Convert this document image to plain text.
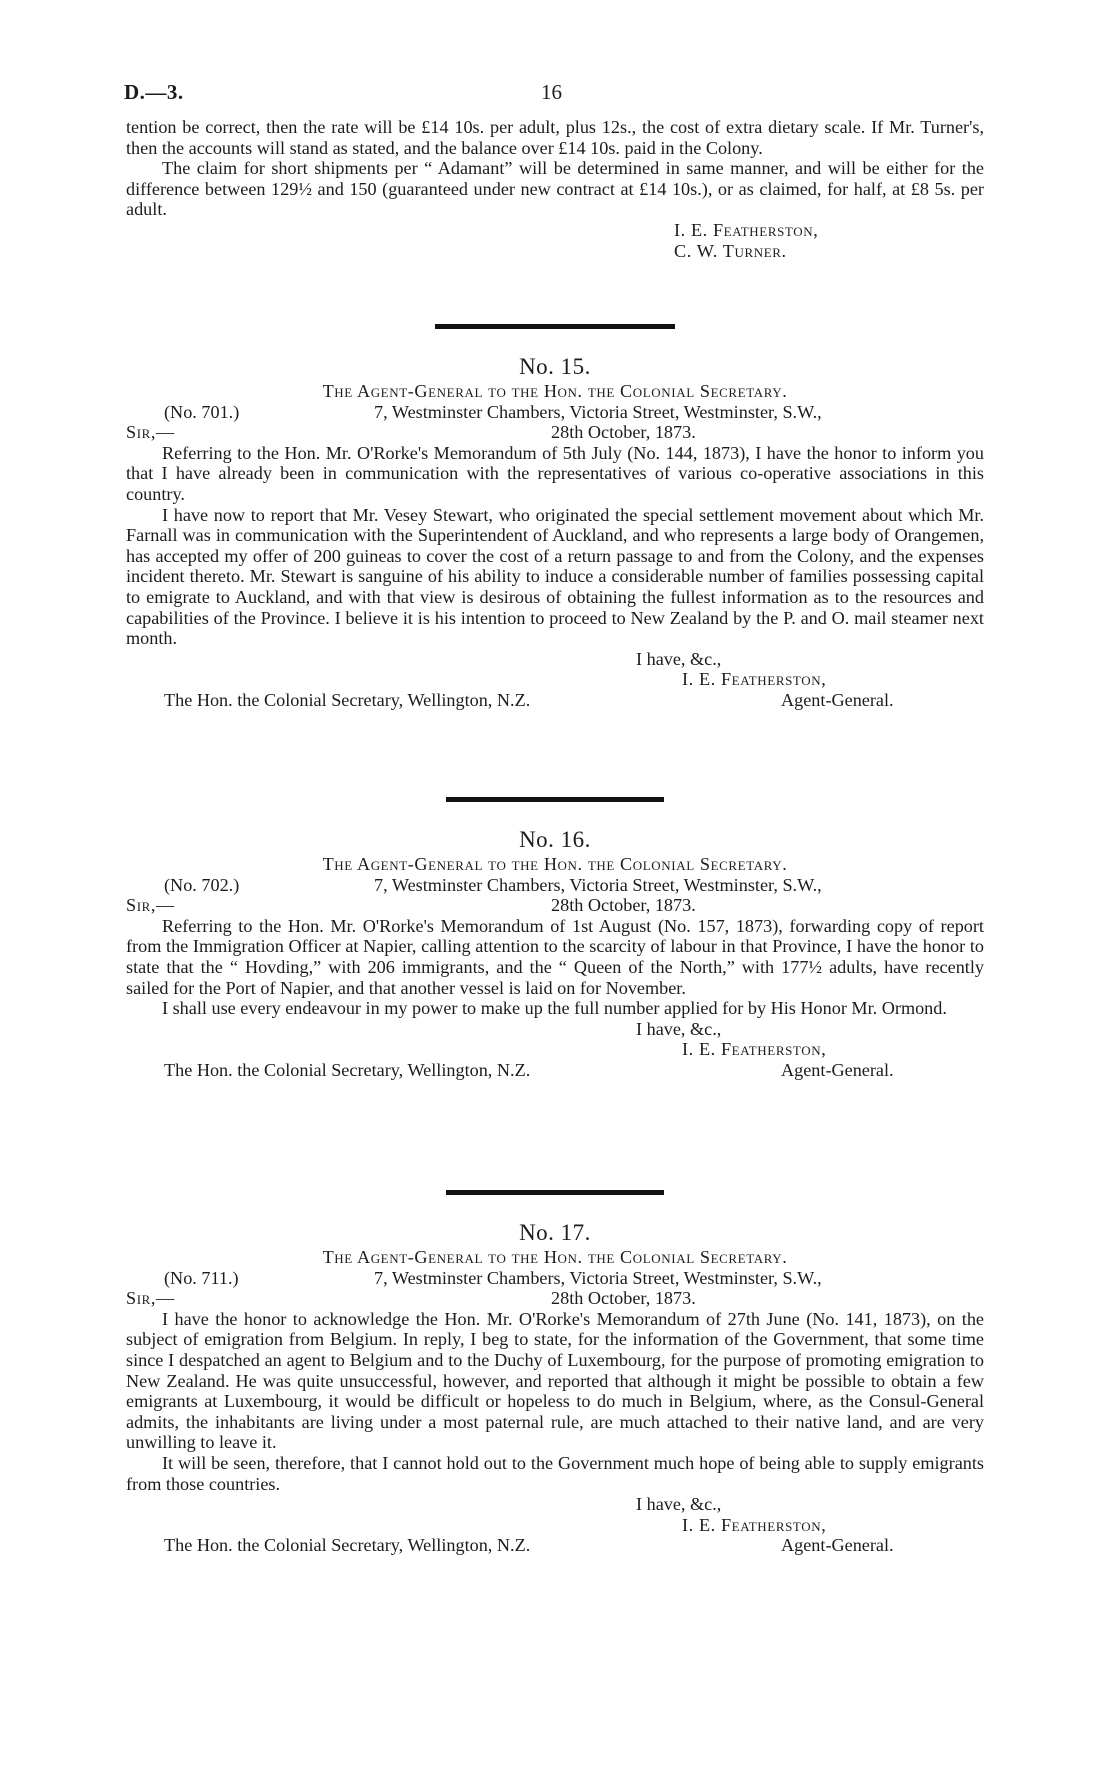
D.—3.	16

tention be correct, then the rate will be £14 10s. per adult, plus 12s., the cost of extra dietary scale. If Mr. Turner's, then the accounts will stand as stated, and the balance over £14 10s. paid in the Colony.

The claim for short shipments per “ Adamant” will be determined in same manner, and will be either for the difference between 129½ and 150 (guaranteed under new contract at £14 10s.), or as claimed, for half, at £8 5s. per adult.

I. E. Featherston,
C. W. Turner.

No. 15.

The Agent-General to the Hon. the Colonial Secretary.

(No. 701.)	7, Westminster Chambers, Victoria Street, Westminster, S.W.,
Sir,—	28th October, 1873.

Referring to the Hon. Mr. O'Rorke's Memorandum of 5th July (No. 144, 1873), I have the honor to inform you that I have already been in communication with the representatives of various co-operative associations in this country.

I have now to report that Mr. Vesey Stewart, who originated the special settlement movement about which Mr. Farnall was in communication with the Superintendent of Auckland, and who represents a large body of Orangemen, has accepted my offer of 200 guineas to cover the cost of a return passage to and from the Colony, and the expenses incident thereto. Mr. Stewart is sanguine of his ability to induce a considerable number of families possessing capital to emigrate to Auckland, and with that view is desirous of obtaining the fullest information as to the resources and capabilities of the Province. I believe it is his intention to proceed to New Zealand by the P. and O. mail steamer next month.

I have, &c.,
I. E. Featherston,
The Hon. the Colonial Secretary, Wellington, N.Z.	Agent-General.

No. 16.

The Agent-General to the Hon. the Colonial Secretary.

(No. 702.)	7, Westminster Chambers, Victoria Street, Westminster, S.W.,
Sir,—	28th October, 1873.

Referring to the Hon. Mr. O'Rorke's Memorandum of 1st August (No. 157, 1873), forwarding copy of report from the Immigration Officer at Napier, calling attention to the scarcity of labour in that Province, I have the honor to state that the “ Hovding,” with 206 immigrants, and the “ Queen of the North,” with 177½ adults, have recently sailed for the Port of Napier, and that another vessel is laid on for November.

I shall use every endeavour in my power to make up the full number applied for by His Honor Mr. Ormond.

I have, &c.,
I. E. Featherston,
The Hon. the Colonial Secretary, Wellington, N.Z.	Agent-General.

No. 17.

The Agent-General to the Hon. the Colonial Secretary.

(No. 711.)	7, Westminster Chambers, Victoria Street, Westminster, S.W.,
Sir,—	28th October, 1873.

I have the honor to acknowledge the Hon. Mr. O'Rorke's Memorandum of 27th June (No. 141, 1873), on the subject of emigration from Belgium. In reply, I beg to state, for the information of the Government, that some time since I despatched an agent to Belgium and to the Duchy of Luxembourg, for the purpose of promoting emigration to New Zealand. He was quite unsuccessful, however, and reported that although it might be possible to obtain a few emigrants at Luxembourg, it would be difficult or hopeless to do much in Belgium, where, as the Consul-General admits, the inhabitants are living under a most paternal rule, are much attached to their native land, and are very unwilling to leave it.

It will be seen, therefore, that I cannot hold out to the Government much hope of being able to supply emigrants from those countries.

I have, &c.,
I. E. Featherston,
The Hon. the Colonial Secretary, Wellington, N.Z.	Agent-General.
